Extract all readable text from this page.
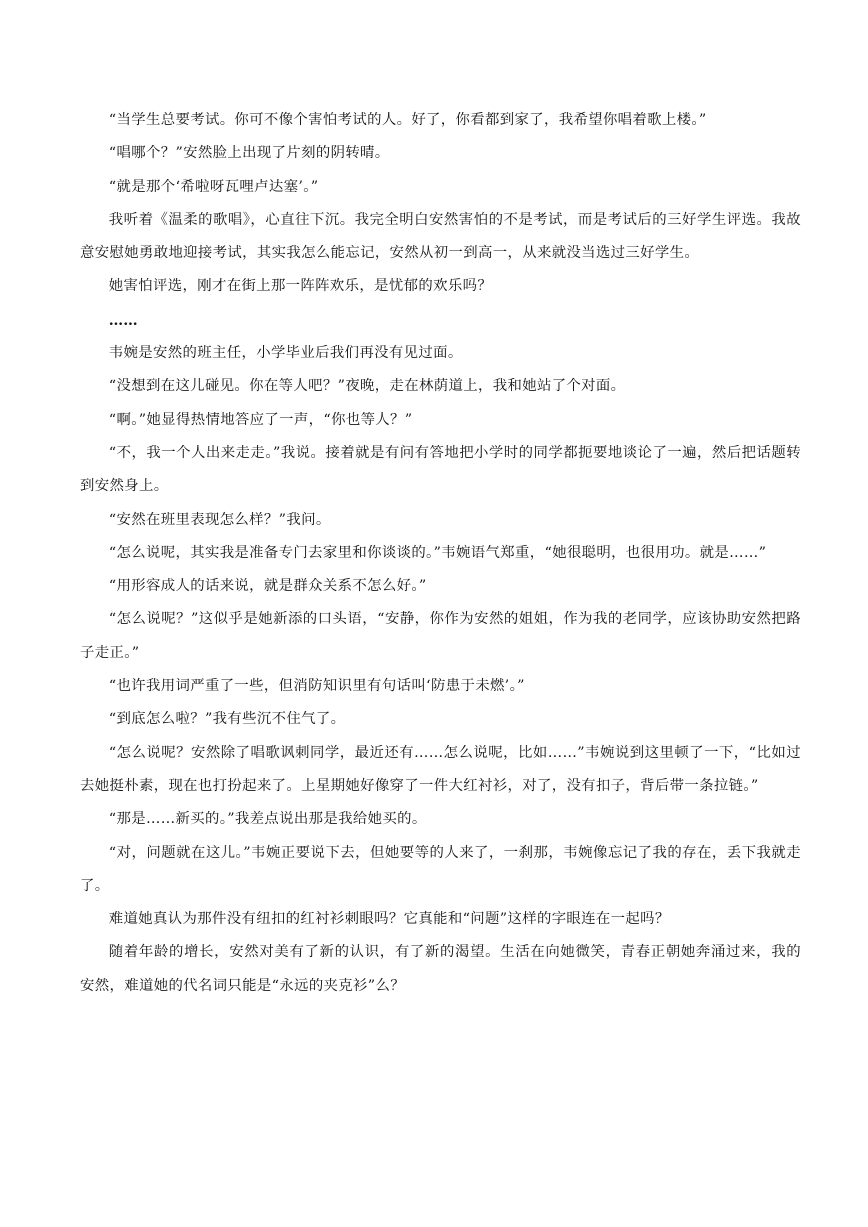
“当学生总要考试。你可不像个害怕考试的人。好了，你看都到家了，我希望你唱着歌上楼。”

“唱哪个？”安然脸上出现了片刻的阴转晴。

“就是那个‘希啦呀瓦哩卢达塞’。”

我听着《温柔的歌唱》，心直往下沉。我完全明白安然害怕的不是考试，而是考试后的三好学生评选。我故意安慰她勇敢地迎接考试，其实我怎么能忘记，安然从初一到高一，从来就没当选过三好学生。

她害怕评选，刚才在街上那一阵阵欢乐，是忧郁的欢乐吗？

……

韦婉是安然的班主任，小学毕业后我们再没有见过面。

“没想到在这儿碰见。你在等人吧？”夜晚，走在林荫道上，我和她站了个对面。

“啊。”她显得热情地答应了一声，“你也等人？”

“不，我一个人出来走走。”我说。接着就是有问有答地把小学时的同学都扼要地谈论了一遍，然后把话题转到安然身上。

“安然在班里表现怎么样？”我问。

“怎么说呢，其实我是准备专门去家里和你谈谈的。”韦婉语气郑重，“她很聪明，也很用功。就是……”

“用形容成人的话来说，就是群众关系不怎么好。”

“怎么说呢？”这似乎是她新添的口头语，“安静，你作为安然的姐姐，作为我的老同学，应该协助安然把路子走正。”

“也许我用词严重了一些，但消防知识里有句话叫‘防患于未燃’。”

“到底怎么啦？”我有些沉不住气了。

“怎么说呢？安然除了唱歌讽刺同学，最近还有……怎么说呢，比如……”韦婉说到这里顿了一下，“比如过去她挺朴素，现在也打扮起来了。上星期她好像穿了一件大红衬衫，对了，没有扣子，背后带一条拉链。”

“那是……新买的。”我差点说出那是我给她买的。

“对，问题就在这儿。”韦婉正要说下去，但她要等的人来了，一刹那，韦婉像忘记了我的存在，丢下我就走了。

难道她真认为那件没有纽扣的红衬衫刺眼吗？它真能和“问题”这样的字眼连在一起吗？

随着年龄的增长，安然对美有了新的认识，有了新的渴望。生活在向她微笑，青春正朝她奔涌过来，我的安然，难道她的代名词只能是“永远的夹克衫”么？
